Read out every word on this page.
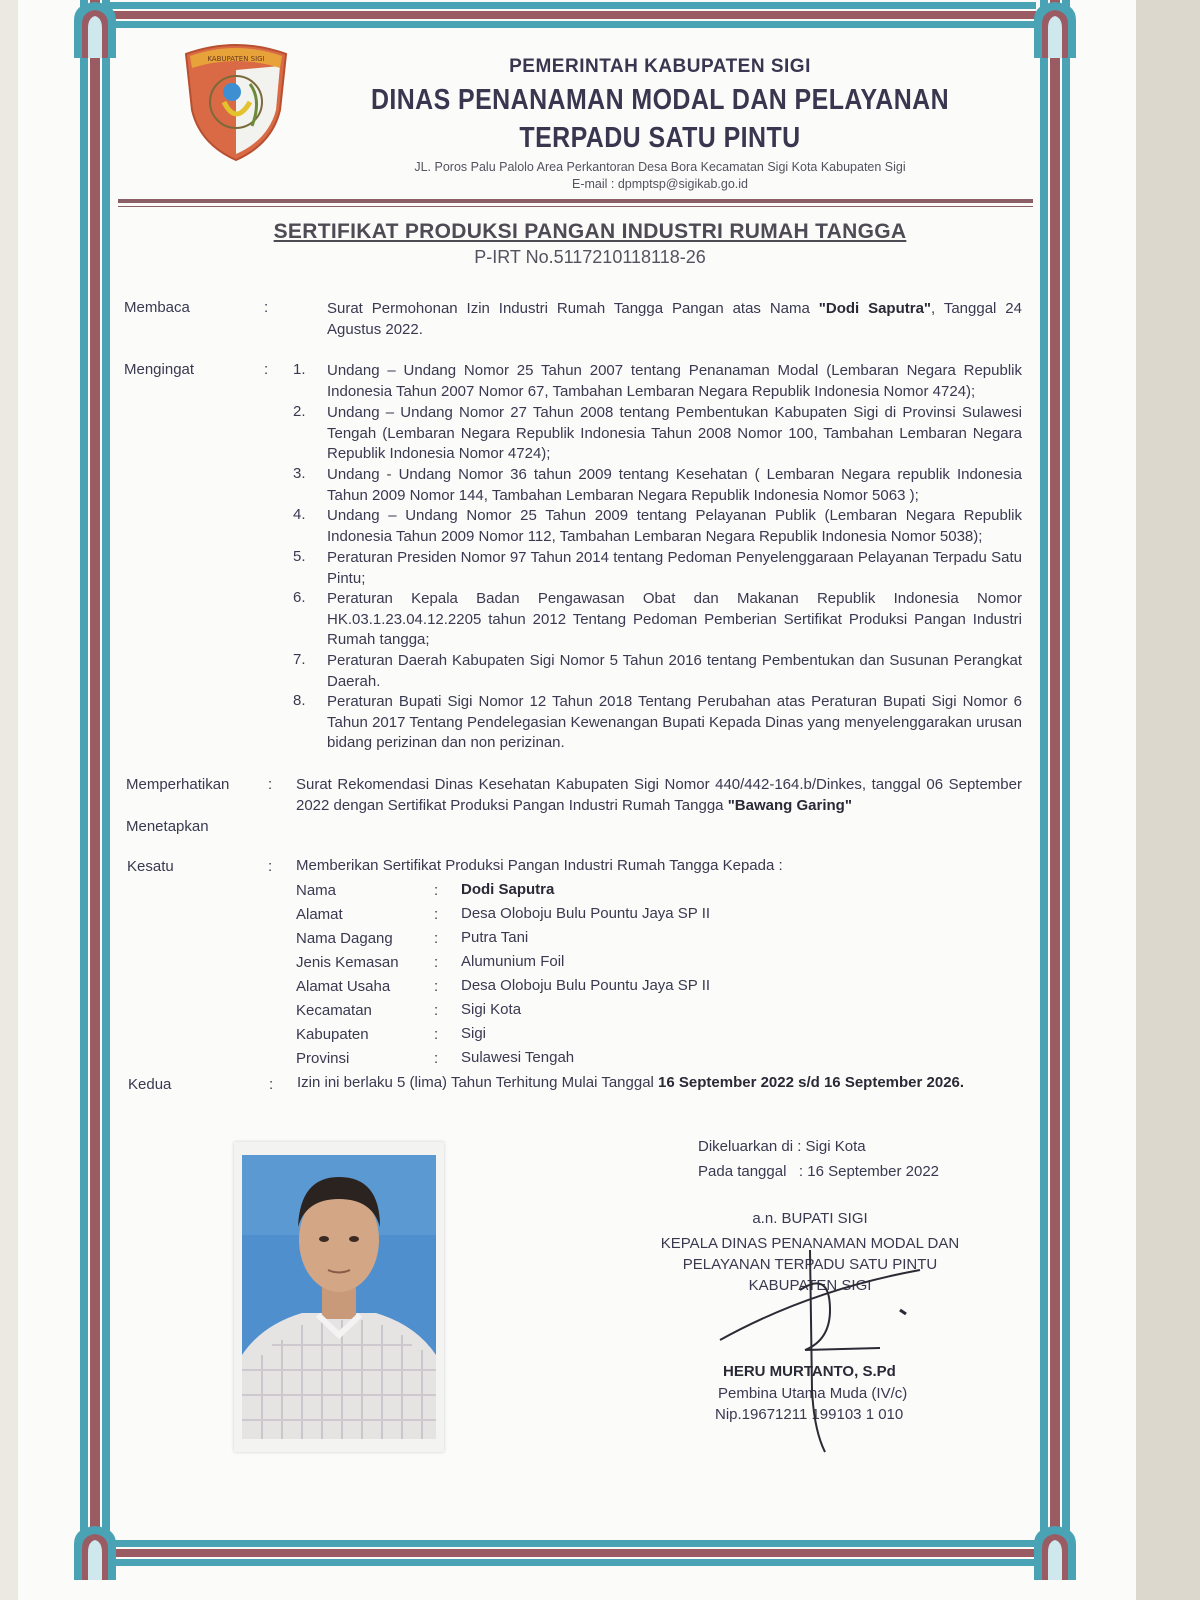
KABUPATEN SIGI	PEMERINTAH KABUPATEN SIGI
DINAS PENANAMAN MODAL DAN PELAYANAN
TERPADU SATU PINTU
JL. Poros Palu Palolo Area Perkantoran Desa Bora Kecamatan Sigi Kota Kabupaten Sigi
E-mail : dpmptsp@sigikab.go.id
SERTIFIKAT PRODUKSI PANGAN INDUSTRI RUMAH TANGGA
P-IRT No.5117210118118-26
Membaca	:	Surat Permohonan Izin Industri Rumah Tangga Pangan atas Nama "Dodi Saputra", Tanggal 24 Agustus 2022.
Mengingat	: 1. Undang – Undang Nomor 25 Tahun 2007 tentang Penanaman Modal (Lembaran Negara Republik Indonesia Tahun 2007 Nomor 67, Tambahan Lembaran Negara Republik Indonesia Nomor 4724);
2. Undang – Undang Nomor 27 Tahun 2008 tentang Pembentukan Kabupaten Sigi di Provinsi Sulawesi Tengah (Lembaran Negara Republik Indonesia Tahun 2008 Nomor 100, Tambahan Lembaran Negara Republik Indonesia Nomor 4724);
3. Undang - Undang Nomor 36 tahun 2009 tentang Kesehatan ( Lembaran Negara republik Indonesia Tahun 2009 Nomor 144, Tambahan Lembaran Negara Republik Indonesia Nomor 5063 );
4. Undang – Undang Nomor 25 Tahun 2009 tentang Pelayanan Publik (Lembaran Negara Republik Indonesia Tahun 2009 Nomor 112, Tambahan Lembaran Negara Republik Indonesia Nomor 5038);
5. Peraturan Presiden Nomor 97 Tahun 2014 tentang Pedoman Penyelenggaraan Pelayanan Terpadu Satu Pintu;
6. Peraturan Kepala Badan Pengawasan Obat dan Makanan Republik Indonesia Nomor HK.03.1.23.04.12.2205 tahun 2012 Tentang Pedoman Pemberian Sertifikat Produksi Pangan Industri Rumah tangga;
7. Peraturan Daerah Kabupaten Sigi Nomor 5 Tahun 2016 tentang Pembentukan dan Susunan Perangkat Daerah.
8. Peraturan Bupati Sigi Nomor 12 Tahun 2018 Tentang Perubahan atas Peraturan Bupati Sigi Nomor 6 Tahun 2017 Tentang Pendelegasian Kewenangan Bupati Kepada Dinas yang menyelenggarakan urusan bidang perizinan dan non perizinan.
Memperhatikan	: Surat Rekomendasi Dinas Kesehatan Kabupaten Sigi Nomor 440/442-164.b/Dinkes, tanggal 06 September 2022 dengan Sertifikat Produksi Pangan Industri Rumah Tangga "Bawang Garing"
Menetapkan
Kesatu	: Memberikan Sertifikat Produksi Pangan Industri Rumah Tangga Kepada :
Nama	: Dodi Saputra
Alamat	: Desa Oloboju Bulu Pountu Jaya SP II
Nama Dagang	: Putra Tani
Jenis Kemasan : Alumunium Foil
Alamat Usaha	: Desa Oloboju Bulu Pountu Jaya SP II
Kecamatan	: Sigi Kota
Kabupaten	: Sigi
Provinsi	: Sulawesi Tengah
Kedua	: Izin ini berlaku 5 (lima) Tahun Terhitung Mulai Tanggal 16 September 2022 s/d 16 September 2026.
Dikeluarkan di : Sigi Kota
Pada tanggal   : 16 September 2022
a.n. BUPATI SIGI
KEPALA DINAS PENANAMAN MODAL DAN
PELAYANAN TERPADU SATU PINTU
KABUPATEN SIGI
HERU MURTANTO, S.Pd
Pembina Utama Muda (IV/c)
Nip.19671211 199103 1 010
